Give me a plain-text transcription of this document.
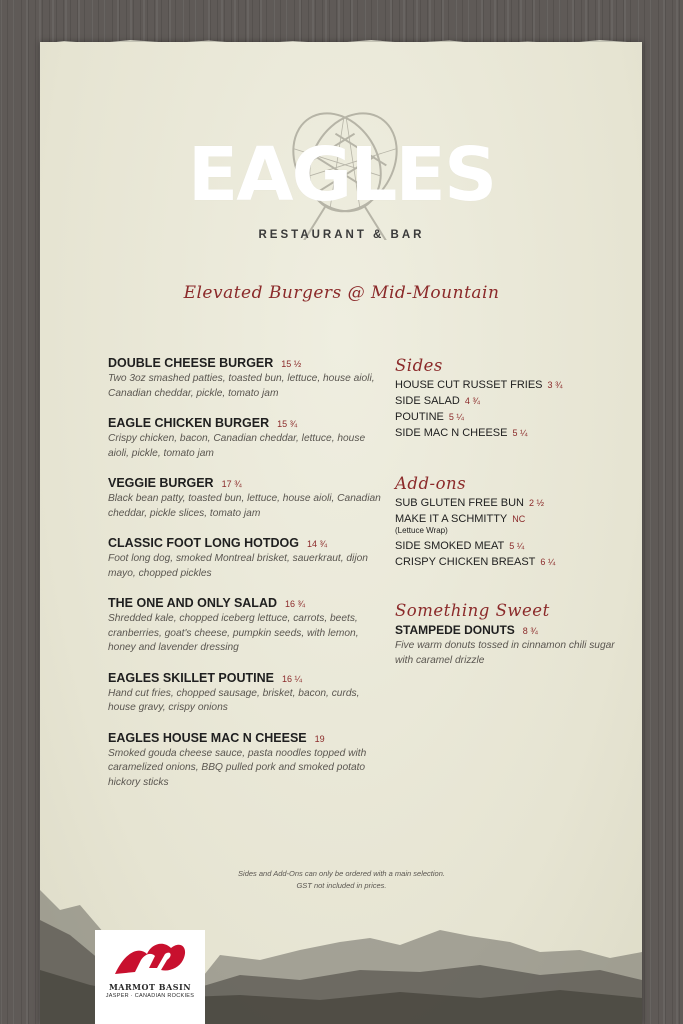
EAGLES
RESTAURANT & BAR
Elevated Burgers @ Mid-Mountain
DOUBLE CHEESE BURGER 15 ½
Two 3oz smashed patties, toasted bun, lettuce, house aioli, Canadian cheddar, pickle, tomato jam
EAGLE CHICKEN BURGER 15 ¾
Crispy chicken, bacon, Canadian cheddar, lettuce, house aioli, pickle, tomato jam
VEGGIE BURGER 17 ¾
Black bean patty, toasted bun, lettuce, house aioli, Canadian cheddar, pickle slices, tomato jam
CLASSIC FOOT LONG HOTDOG 14 ¾
Foot long dog, smoked Montreal brisket, sauerkraut, dijon mayo, chopped pickles
THE ONE AND ONLY SALAD 16 ¾
Shredded kale, chopped iceberg lettuce, carrots, beets, cranberries, goat's cheese, pumpkin seeds, with lemon, honey and lavender dressing
EAGLES SKILLET POUTINE 16 ¼
Hand cut fries, chopped sausage, brisket, bacon, curds, house gravy, crispy onions
EAGLES HOUSE MAC N CHEESE 19
Smoked gouda cheese sauce, pasta noodles topped with caramelized onions, BBQ pulled pork and smoked potato hickory sticks
Sides
HOUSE CUT RUSSET FRIES 3 ¾
SIDE SALAD 4 ¾
POUTINE 5 ¼
SIDE MAC N CHEESE 5 ¼
Add-ons
SUB GLUTEN FREE BUN 2 ½
MAKE IT A SCHMITTY NC
(Lettuce Wrap)
SIDE SMOKED MEAT 5 ¼
CRISPY CHICKEN BREAST 6 ¼
Something Sweet
STAMPEDE DONUTS 8 ¾
Five warm donuts tossed in cinnamon chili sugar with caramel drizzle
Sides and Add-Ons can only be ordered with a main selection.
GST not included in prices.
MARMOT BASIN
JASPER · CANADIAN ROCKIES
